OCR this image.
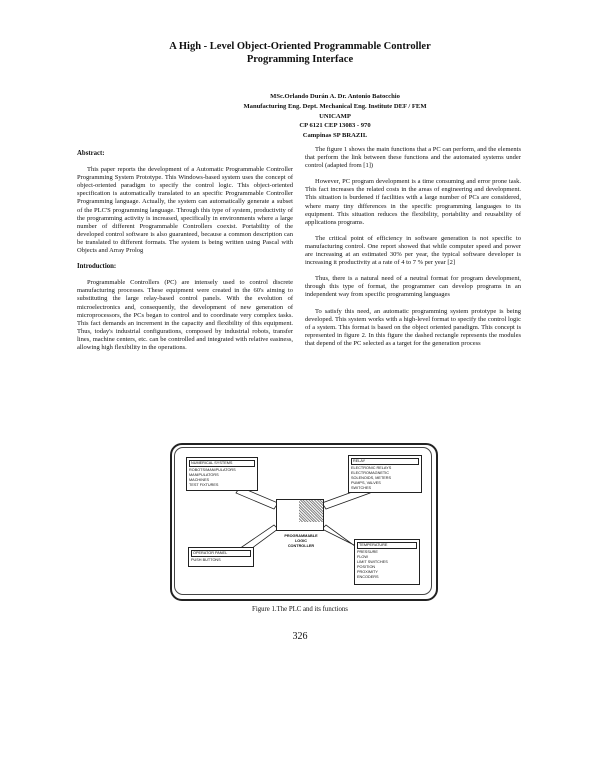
A High - Level Object-Oriented Programmable Controller
Programming Interface
MSc.Orlando Durán A. Dr. Antonio Batocchio
Manufacturing Eng. Dept. Mechanical Eng. Institute DEF / FEM
UNICAMP
CP 6121 CEP 13083 - 970
Campinas SP BRAZIL
Abstract:
This paper reports the development of a Automatic Programmable Controller Programming System Prototype. This Windows-based system uses the concept of object-oriented paradigm to specify the control logic. This object-oriented specification is automatically translated to an specific Programmable Controller Programming language. Actually, the system can automatically generate a subset of the PLC'S programming language. Through this type of system, productivity of the programming activity is increased, specifically in environments where a large number of different Programmable Controllers coexist. Portability of the developed control software is also guaranteed, because a common description can be translated to different formats. The system is being written using Pascal with Objects and Array Prolog
Introduction:
Programmable Controllers (PC) are intensely used to control discrete manufacturing processes. These equipment were created in the 60's aiming to substituting the large relay-based control panels. With the evolution of microelectronics and, consequently, the development of new generation of microprocessors, the PCs began to control and to coordinate very complex tasks. This fact demands an increment in the capacity and flexibility of this equipment. Thus, today's industrial configurations, composed by industrial robots, transfer lines, machine centers, etc. can be controlled and integrated with relative easiness, allowing high flexibility in the operations.
The figure 1 shows the main functions that a PC can perform, and the elements that perform the link between these functions and the automated systems under control (adapted from [1])
However, PC program development is a time consuming and error prone task. This fact increases the related costs in the areas of engineering and development. This situation is burdened if facilities with a large number of PCs are considered, where many tiny differences in the specific programming languages to its equipment. This situation reduces the flexibility, portability and reusability of applications programs.
The critical point of efficiency in software generation is not specific to manufacturing control. One report showed that while computer speed and power are increasing at an estimated 30% per year, the typical software developer is increasing it productivity at a rate of 4 to 7 % per year [2]
Thus, there is a natural need of a neutral format for program development, through this type of format, the programmer can develop programs in an independent way from specific programming languages
To satisfy this need, an automatic programming system prototype is being developed. This system works with a high-level format to specify the control logic of a system. This format is based on the object oriented paradigm. This concept is represented in figure 2. In this figure the dashed rectangle represents the modules that depend of the PC selected as a target for the generation process
NUMERICAL SYSTEMS
ROBOTS/MANIPULATORS
MANIPULATORS
MACHINES
TEST FIXTURES
RELAY
ELECTRONIC RELAYS
ELECTROMAGNETIC
SOLENOIDS, METERS
PUMPS, VALVES
SWITCHES
PROGRAMMABLE
LOGIC
CONTROLLER
OPERATOR PANEL
PUSH BUTTONS
TEMPERATURE
PRESSURE
FLOW
LIMIT SWITCHES
POSITION
PROXIMITY
ENCODERS
Figure 1.The PLC and its functions
326
